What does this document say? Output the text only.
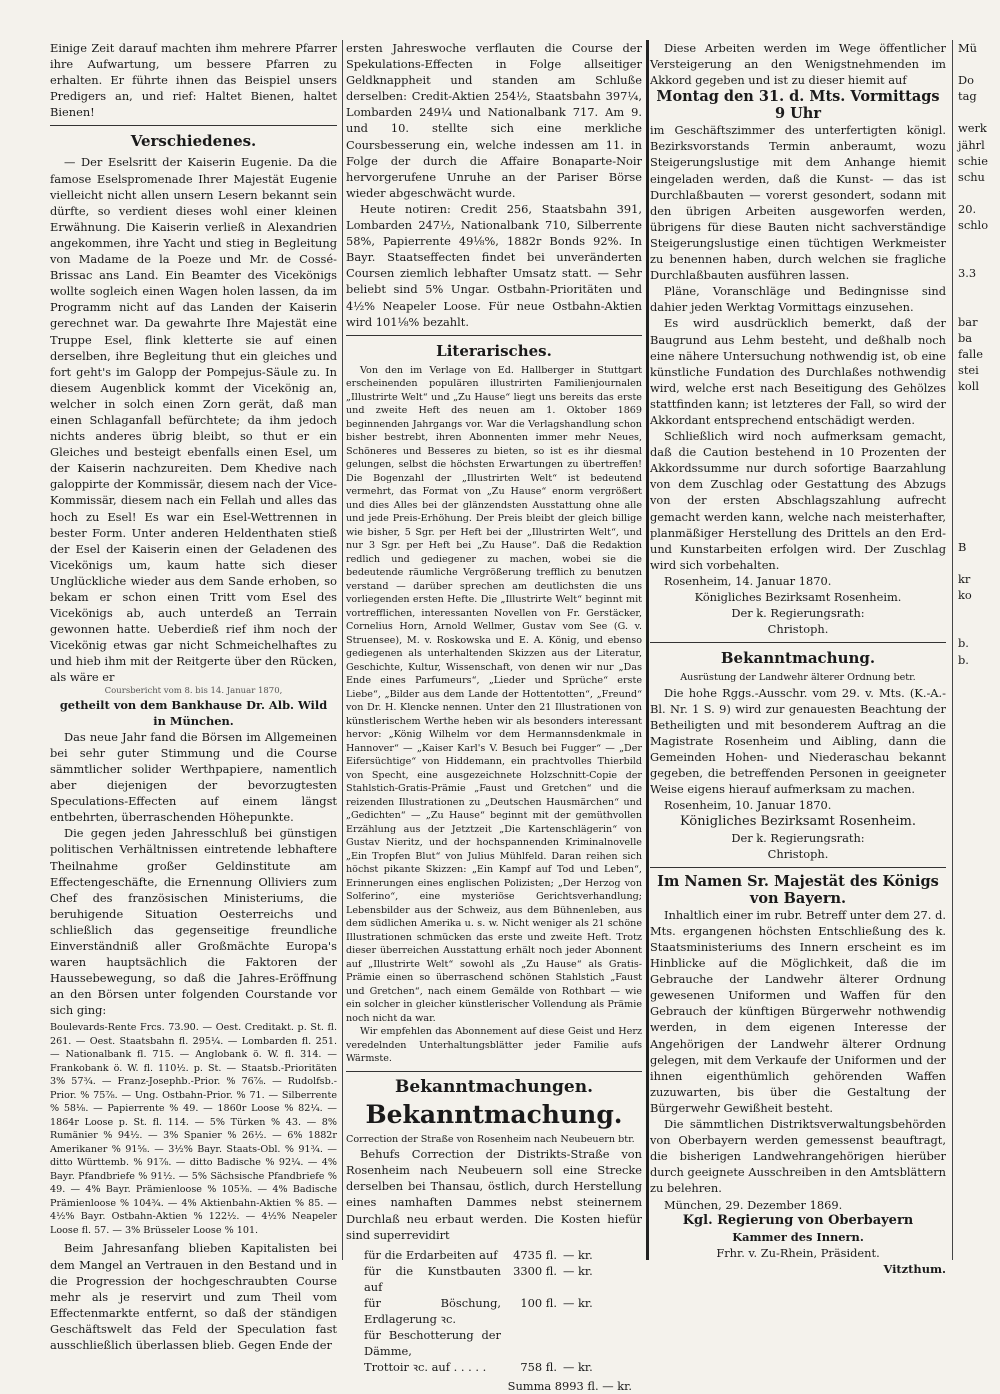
Einige Zeit darauf machten ihm mehrere Pfarrer ihre Aufwartung, um bessere Pfarren zu erhalten. Er führte ihnen das Beispiel unsers Predigers an, und rief: Haltet Bienen, haltet Bienen!

Verschiedenes.

— Der Eselsritt der Kaiserin Eugenie. Da die famose Eselspromenade Ihrer Majestät Eugenie vielleicht nicht allen unsern Lesern bekannt sein dürfte, so verdient dieses wohl einer kleinen Erwähnung. Die Kaiserin verließ in Alexandrien angekommen, ihre Yacht und stieg in Begleitung von Madame de la Poeze und Mr. de Cossé-Brissac ans Land. Ein Beamter des Vicekönigs wollte sogleich einen Wagen holen lassen, da im Programm nicht auf das Landen der Kaiserin gerechnet war. Da gewahrte Ihre Majestät eine Truppe Esel, flink kletterte sie auf einen derselben, ihre Begleitung thut ein gleiches und fort geht's im Galopp der Pompejus-Säule zu. In diesem Augenblick kommt der Vicekönig an, welcher in solch einen Zorn gerät, daß man einen Schlaganfall befürchtete; da ihm jedoch nichts anderes übrig bleibt, so thut er ein Gleiches und besteigt ebenfalls einen Esel, um der Kaiserin nachzureiten. Dem Khedive nach galoppirte der Kommissär, diesem nach der Vice-Kommissär, diesem nach ein Fellah und alles das hoch zu Esel! Es war ein Esel-Wettrennen in bester Form. Unter anderen Heldenthaten stieß der Esel der Kaiserin einen der Geladenen des Vicekönigs um, kaum hatte sich dieser Unglückliche wieder aus dem Sande erhoben, so bekam er schon einen Tritt vom Esel des Vicekönigs ab, auch unterdeß an Terrain gewonnen hatte. Ueberdieß rief ihm noch der Vicekönig etwas gar nicht Schmeichelhaftes zu und hieb ihm mit der Reitgerte über den Rücken, als wäre er

Coursbericht vom 8. bis 14. Januar 1870,

getheilt von dem Bankhause Dr. Alb. Wild

in München.

Das neue Jahr fand die Börsen im Allgemeinen bei sehr guter Stimmung und die Course sämmtlicher solider Werthpapiere, namentlich aber diejenigen der bevorzugtesten Speculations-Effecten auf einem längst entbehrten, überraschenden Höhepunkte.

Die gegen jeden Jahresschluß bei günstigen politischen Verhältnissen eintretende lebhaftere Theilnahme großer Geldinstitute am Effectengeschäfte, die Ernennung Olliviers zum Chef des französischen Ministeriums, die beruhigende Situation Oesterreichs und schließlich das gegenseitige freundliche Einverständniß aller Großmächte Europa's waren hauptsächlich die Faktoren der Haussebewegung, so daß die Jahres-Eröffnung an den Börsen unter folgenden Courstande vor sich ging:

Boulevards-Rente Frcs. 73.90. — Oest. Creditakt. p. St. fl. 261. — Oest. Staatsbahn fl. 295¼. — Lombarden fl. 251. — Nationalbank fl. 715. — Anglobank ö. W. fl. 314. — Frankobank ö. W. fl. 110½. p. St. — Staatsb.-Prioritäten 3% 57¾. — Franz-Josephb.-Prior. % 76⅞. — Rudolfsb.-Prior. % 75⅞. — Ung. Ostbahn-Prior. % 71. — Silberrente % 58⅛. — Papierrente % 49. — 1860r Loose % 82¼. — 1864r Loose p. St. fl. 114. — 5% Türken % 43. — 8% Rumänier % 94½. — 3% Spanier % 26½. — 6% 1882r Amerikaner % 91⅝. — 3½% Bayr. Staats-Obl. % 91¾. — ditto Württemb. % 91⅞. — ditto Badische % 92¼. — 4% Bayr. Pfandbriefe % 91½. — 5% Sächsische Pfandbriefe % 49. — 4% Bayr. Prämienloose % 105⅜. — 4% Badische Prämienloose % 104¾. — 4% Aktienbahn-Aktien % 85. — 4½% Bayr. Ostbahn-Aktien % 122½. — 4½% Neapeler Loose fl. 57. — 3% Brüsseler Loose % 101.

Beim Jahresanfang blieben Kapitalisten bei dem Mangel an Vertrauen in den Bestand und in die Progression der hochgeschraubten Course mehr als je reservirt und zum Theil vom Effectenmarkte entfernt, so daß der ständigen Geschäftswelt das Feld der Speculation fast ausschließlich überlassen blieb. Gegen Ende der

ersten Jahreswoche verflauten die Course der Spekulations-Effecten in Folge allseitiger Geldknappheit und standen am Schluße derselben: Credit-Aktien 254½, Staatsbahn 397¼, Lombarden 249¼ und Nationalbank 717. Am 9. und 10. stellte sich eine merkliche Coursbesserung ein, welche indessen am 11. in Folge der durch die Affaire Bonaparte-Noir hervorgerufene Unruhe an der Pariser Börse wieder abgeschwächt wurde.

Heute notiren: Credit 256, Staatsbahn 391, Lombarden 247½, Nationalbank 710, Silberrente 58%, Papierrente 49⅛%, 1882r Bonds 92%. In Bayr. Staatseffecten findet bei unveränderten Coursen ziemlich lebhafter Umsatz statt. — Sehr beliebt sind 5% Ungar. Ostbahn-Prioritäten und 4½% Neapeler Loose. Für neue Ostbahn-Aktien wird 101⅛% bezahlt.

Literarisches.

Von den im Verlage von Ed. Hallberger in Stuttgart erscheinenden populären illustrirten Familienjournalen „Illustrirte Welt“ und „Zu Hause“ liegt uns bereits das erste und zweite Heft des neuen am 1. Oktober 1869 beginnenden Jahrgangs vor. War die Verlagshandlung schon bisher bestrebt, ihren Abonnenten immer mehr Neues, Schöneres und Besseres zu bieten, so ist es ihr diesmal gelungen, selbst die höchsten Erwartungen zu übertreffen! Die Bogenzahl der „Illustrirten Welt“ ist bedeutend vermehrt, das Format von „Zu Hause“ enorm vergrößert und dies Alles bei der glänzendsten Ausstattung ohne alle und jede Preis-Erhöhung. Der Preis bleibt der gleich billige wie bisher, 5 Sgr. per Heft bei der „Illustrirten Welt“, und nur 3 Sgr. per Heft bei „Zu Hause“. Daß die Redaktion redlich und gediegener zu machen, wobei sie die bedeutende räumliche Vergrößerung trefflich zu benutzen verstand — darüber sprechen am deutlichsten die uns vorliegenden ersten Hefte. Die „Illustrirte Welt“ beginnt mit vortrefflichen, interessanten Novellen von Fr. Gerstäcker, Cornelius Horn, Arnold Wellmer, Gustav vom See (G. v. Struensee), M. v. Roskowska und E. A. König, und ebenso gediegenen als unterhaltenden Skizzen aus der Literatur, Geschichte, Kultur, Wissenschaft, von denen wir nur „Das Ende eines Parfumeurs“, „Lieder und Sprüche“ erste Liebe“, „Bilder aus dem Lande der Hottentotten“, „Freund“ von Dr. H. Klencke nennen. Unter den 21 Illustrationen von künstlerischem Werthe heben wir als besonders interessant hervor: „König Wilhelm vor dem Hermannsdenkmale in Hannover“ — „Kaiser Karl's V. Besuch bei Fugger“ — „Der Eifersüchtige“ von Hiddemann, ein prachtvolles Thierbild von Specht, eine ausgezeichnete Holzschnitt-Copie der Stahlstich-Gratis-Prämie „Faust und Gretchen“ und die reizenden Illustrationen zu „Deutschen Hausmärchen“ und „Gedichten“ — „Zu Hause“ beginnt mit der gemüthvollen Erzählung aus der Jetztzeit „Die Kartenschlägerin“ von Gustav Nieritz, und der hochspannenden Kriminalnovelle „Ein Tropfen Blut“ von Julius Mühlfeld. Daran reihen sich höchst pikante Skizzen: „Ein Kampf auf Tod und Leben“, Erinnerungen eines englischen Polizisten; „Der Herzog von Solferino“, eine mysteriöse Gerichtsverhandlung; Lebensbilder aus der Schweiz, aus dem Bühnenleben, aus dem südlichen Amerika u. s. w. Nicht weniger als 21 schöne Illustrationen schmücken das erste und zweite Heft. Trotz dieser überreichen Ausstattung erhält noch jeder Abonnent auf „Illustrirte Welt“ sowohl als „Zu Hause“ als Gratis-Prämie einen so überraschend schönen Stahlstich „Faust und Gretchen“, nach einem Gemälde von Rothbart — wie ein solcher in gleicher künstlerischer Vollendung als Prämie noch nicht da war.

Wir empfehlen das Abonnement auf diese Geist und Herz veredelnden Unterhaltungsblätter jeder Familie aufs Wärmste.

Bekanntmachungen.
Bekanntmachung.

Correction der Straße von Rosenheim nach Neubeuern btr.

Behufs Correction der Distrikts-Straße von Rosenheim nach Neubeuern soll eine Strecke derselben bei Thansau, östlich, durch Herstellung eines namhaften Dammes nebst steinernem Durchlaß neu erbaut werden. Die Kosten hiefür sind superrevidirt

für die Erdarbeiten auf	4735 fl. — kr.
für die Kunstbauten auf
3300 fl. — kr.
für Böschung, Erdlagerung ꝛc.
100 fl. — kr.
für Beschotterung der Dämme,
Trottoir ꝛc. auf . . . . .	758 fl. — kr.

Summa 8993 fl. — kr.

Diese Arbeiten werden im Wege öffentlicher Versteigerung an den Wenigstnehmenden im Akkord gegeben und ist zu dieser hiemit auf

Montag den 31. d. Mts. Vormittags 9 Uhr

im Geschäftszimmer des unterfertigten königl. Bezirksvorstands Termin anberaumt, wozu Steigerungslustige mit dem Anhange hiemit eingeladen werden, daß die Kunst- — das ist Durchlaßbauten — vorerst gesondert, sodann mit den übrigen Arbeiten ausgeworfen werden, übrigens für diese Bauten nicht sachverständige Steigerungslustige einen tüchtigen Werkmeister zu benennen haben, durch welchen sie fragliche Durchlaßbauten ausführen lassen.

Pläne, Voranschläge und Bedingnisse sind dahier jeden Werktag Vormittags einzusehen.

Es wird ausdrücklich bemerkt, daß der Baugrund aus Lehm besteht, und deßhalb noch eine nähere Untersuchung nothwendig ist, ob eine künstliche Fundation des Durchlaßes nothwendig wird, welche erst nach Beseitigung des Gehölzes stattfinden kann; ist letzteres der Fall, so wird der Akkordant entsprechend entschädigt werden.

Schließlich wird noch aufmerksam gemacht, daß die Caution bestehend in 10 Prozenten der Akkordssumme nur durch sofortige Baarzahlung von dem Zuschlag oder Gestattung des Abzugs von der ersten Abschlagszahlung aufrecht gemacht werden kann, welche nach meisterhafter, planmäßiger Herstellung des Drittels an den Erd- und Kunstarbeiten erfolgen wird. Der Zuschlag wird sich vorbehalten.

Rosenheim, 14. Januar 1870.

Königliches Bezirksamt Rosenheim.

Der k. Regierungsrath:

Christoph.

Bekanntmachung.

Ausrüstung der Landwehr älterer Ordnung betr.

Die hohe Rggs.-Ausschr. vom 29. v. Mts. (K.-A.-Bl. Nr. 1 S. 9) wird zur genauesten Beachtung der Betheiligten und mit besonderem Auftrag an die Magistrate Rosenheim und Aibling, dann die Gemeinden Hohen- und Niederaschau bekannt gegeben, die betreffenden Personen in geeigneter Weise eigens hierauf aufmerksam zu machen.

Rosenheim, 10. Januar 1870.

Königliches Bezirksamt Rosenheim.

Der k. Regierungsrath:

Christoph.

Im Namen Sr. Majestät des Königs von Bayern.

Inhaltlich einer im rubr. Betreff unter dem 27. d. Mts. ergangenen höchsten Entschließung des k. Staatsministeriums des Innern erscheint es im Hinblicke auf die Möglichkeit, daß die im Gebrauche der Landwehr älterer Ordnung gewesenen Uniformen und Waffen für den Gebrauch der künftigen Bürgerwehr nothwendig werden, in dem eigenen Interesse der Angehörigen der Landwehr älterer Ordnung gelegen, mit dem Verkaufe der Uniformen und der ihnen eigenthümlich gehörenden Waffen zuzuwarten, bis über die Gestaltung der Bürgerwehr Gewißheit besteht.

Die sämmtlichen Distriktsverwaltungsbehörden von Oberbayern werden gemessenst beauftragt, die bisherigen Landwehrangehörigen hierüber durch geeignete Ausschreiben in den Amtsblättern zu belehren.

München, 29. Dezember 1869.

Kgl. Regierung von Oberbayern

Kammer des Innern.

Frhr. v. Zu-Rhein, Präsident.

Vitzthum.

Mü
Do
tag
werk
jährl
schie
schu
20.
schlo
3.3
bar
ba
falle
stei
koll
B
kr
ko
b.
b.
